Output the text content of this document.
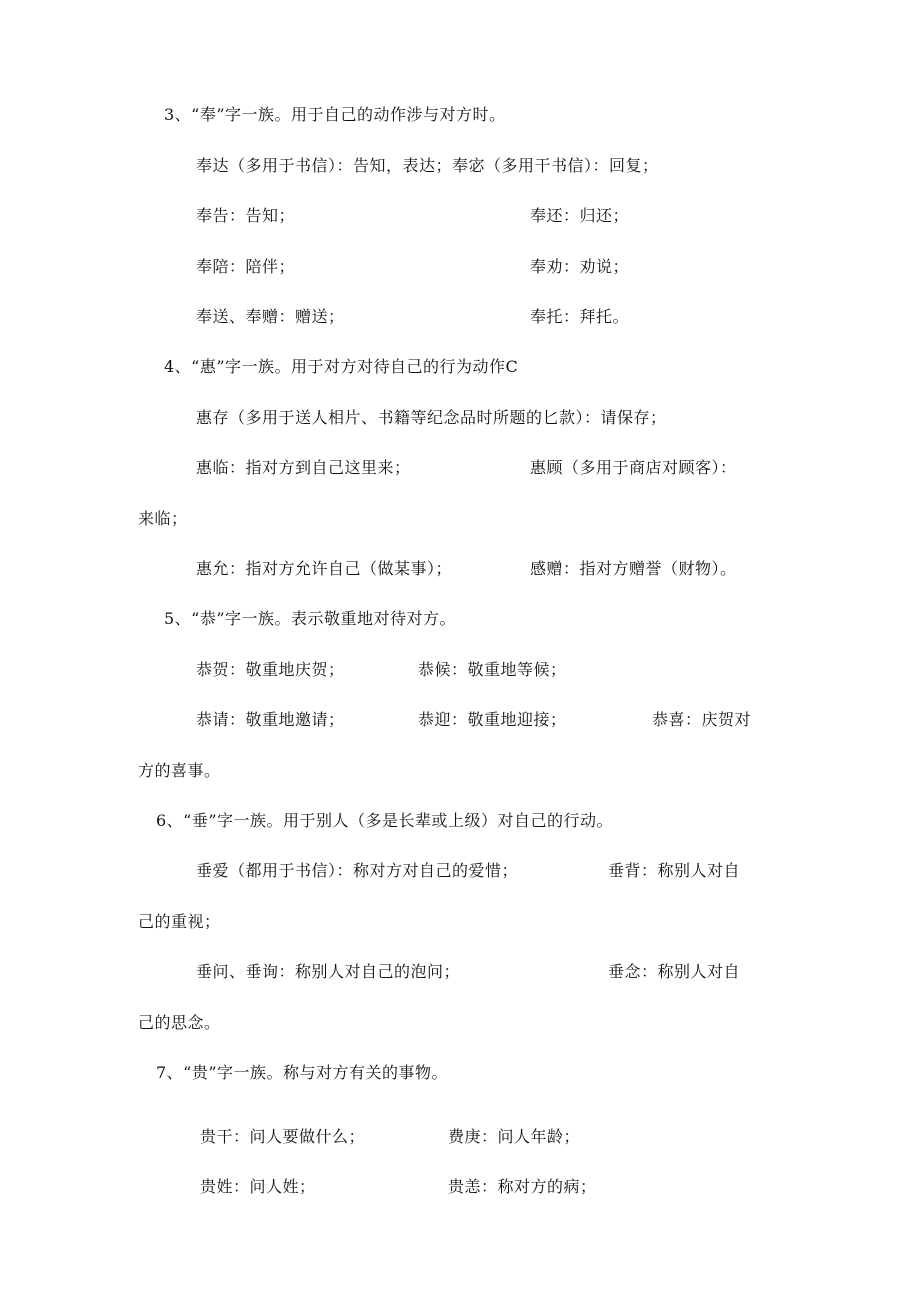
3、“奉”字一族。用于自己的动作涉与对方时。
奉达（多用于书信）：告知，表达；奉宓（多用干书信）：回复；
奉告：告知；	奉还：归还；
奉陪：陪伴；	奉劝：劝说；
奉送、奉赠：赠送；	奉托：拜托。
4、“惠”字一族。用于对方对待自己的行为动作C
惠存（多用于送人相片、书籍等纪念品时所题的匕款）：请保存；
惠临：指对方到自己这里来；	惠顾（多用于商店对顾客）：
来临；
惠允：指对方允许自己（做某事）；	感赠：指对方赠誉（财物）。
5、“恭”字一族。表示敬重地对待对方。
恭贺：敬重地庆贺；	恭候：敬重地等候；
恭请：敬重地邀请；	恭迎：敬重地迎接；	恭喜：庆贺对
方的喜事。
6、“垂”字一族。用于别人（多是长辈或上级）对自己的行动。
垂爱（都用于书信）：称对方对自己的爱惜；	垂背：称别人对自
己的重视；
垂问、垂询：称别人对自己的泡问；	垂念：称别人对自
己的思念。
7、“贵”字一族。称与对方有关的事物。
贵干：问人要做什么；	费庚：问人年龄；
贵姓：问人姓；	贵恙：称对方的病；
